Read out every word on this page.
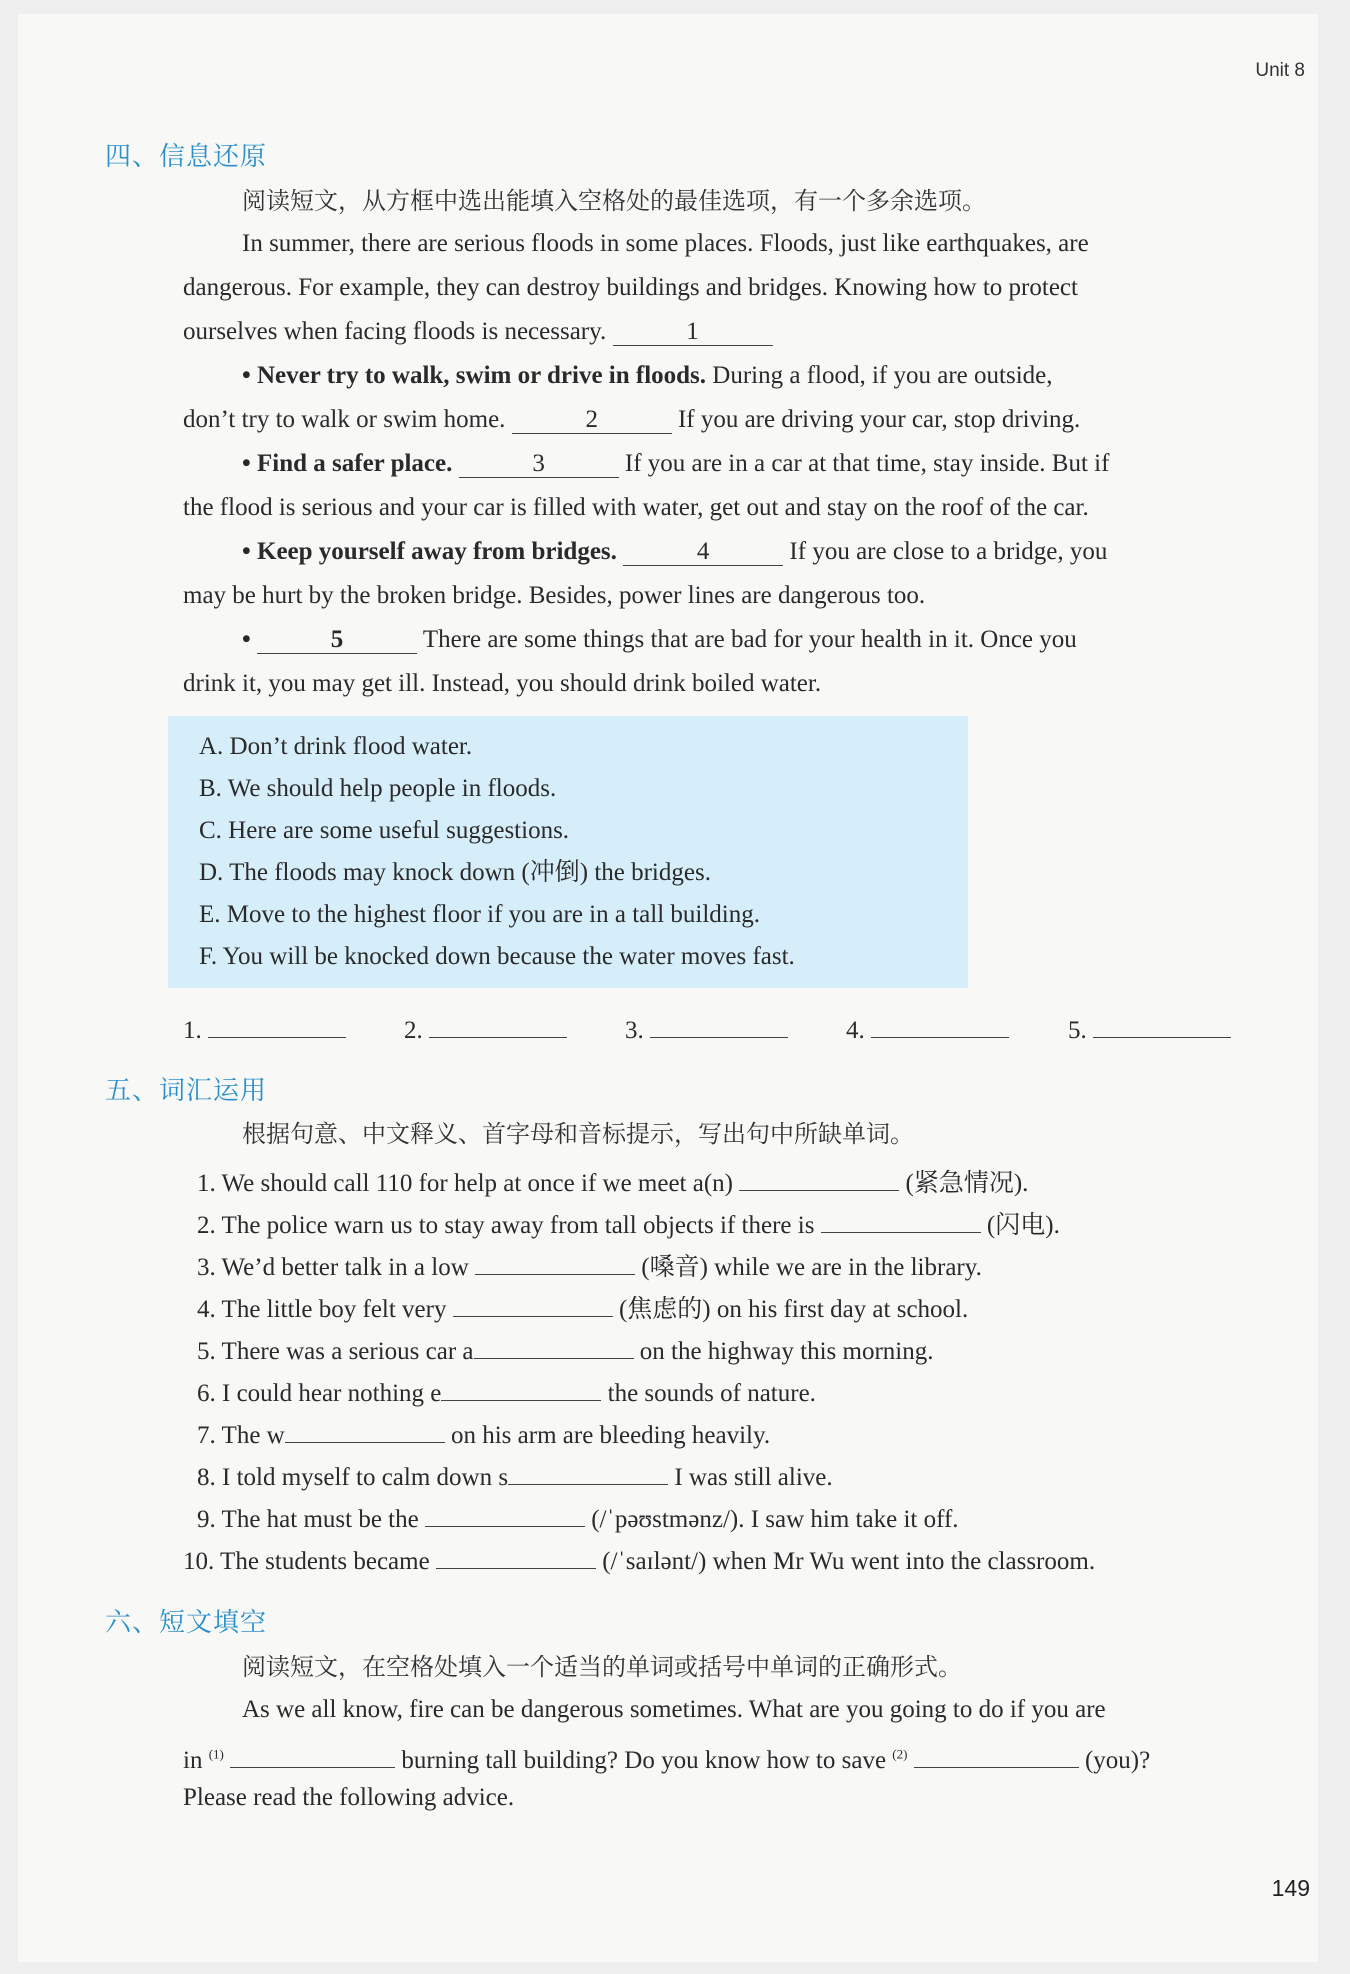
Unit 8
四、信息还原
阅读短文，从方框中选出能填入空格处的最佳选项，有一个多余选项。
In summer, there are serious floods in some places. Floods, just like earthquakes, are
dangerous. For example, they can destroy buildings and bridges. Knowing how to protect
ourselves when facing floods is necessary.	1
• Never try to walk, swim or drive in floods. During a flood, if you are outside,
don’t try to walk or swim home.	2	If you are driving your car, stop driving.
• Find a safer place.	3	If you are in a car at that time, stay inside. But if
the flood is serious and your car is filled with water, get out and stay on the roof of the car.
• Keep yourself away from bridges.	4	If you are close to a bridge, you
may be hurt by the broken bridge. Besides, power lines are dangerous too.
•	5	There are some things that are bad for your health in it. Once you
drink it, you may get ill. Instead, you should drink boiled water.
A. Don’t drink flood water.
B. We should help people in floods.
C. Here are some useful suggestions.
D. The floods may knock down (冲倒) the bridges.
E. Move to the highest floor if you are in a tall building.
F. You will be knocked down because the water moves fast.
1.	2.	3.	4.	5.
五、词汇运用
根据句意、中文释义、首字母和音标提示，写出句中所缺单词。
1. We should call 110 for help at once if we meet a(n)	(紧急情况).
2. The police warn us to stay away from tall objects if there is	(闪电).
3. We’d better talk in a low	(嗓音) while we are in the library.
4. The little boy felt very	(焦虑的) on his first day at school.
5. There was a serious car a	on the highway this morning.
6. I could hear nothing e	the sounds of nature.
7. The w	on his arm are bleeding heavily.
8. I told myself to calm down s	I was still alive.
9. The hat must be the	(/ˈpəʊstmənz/). I saw him take it off.
10. The students became	(/ˈsaɪlənt/) when Mr Wu went into the classroom.
六、短文填空
阅读短文，在空格处填入一个适当的单词或括号中单词的正确形式。
As we all know, fire can be dangerous sometimes. What are you going to do if you are
in $^{(1)}$	burning tall building? Do you know how to save $^{(2)}$	(you)?
Please read the following advice.
149
